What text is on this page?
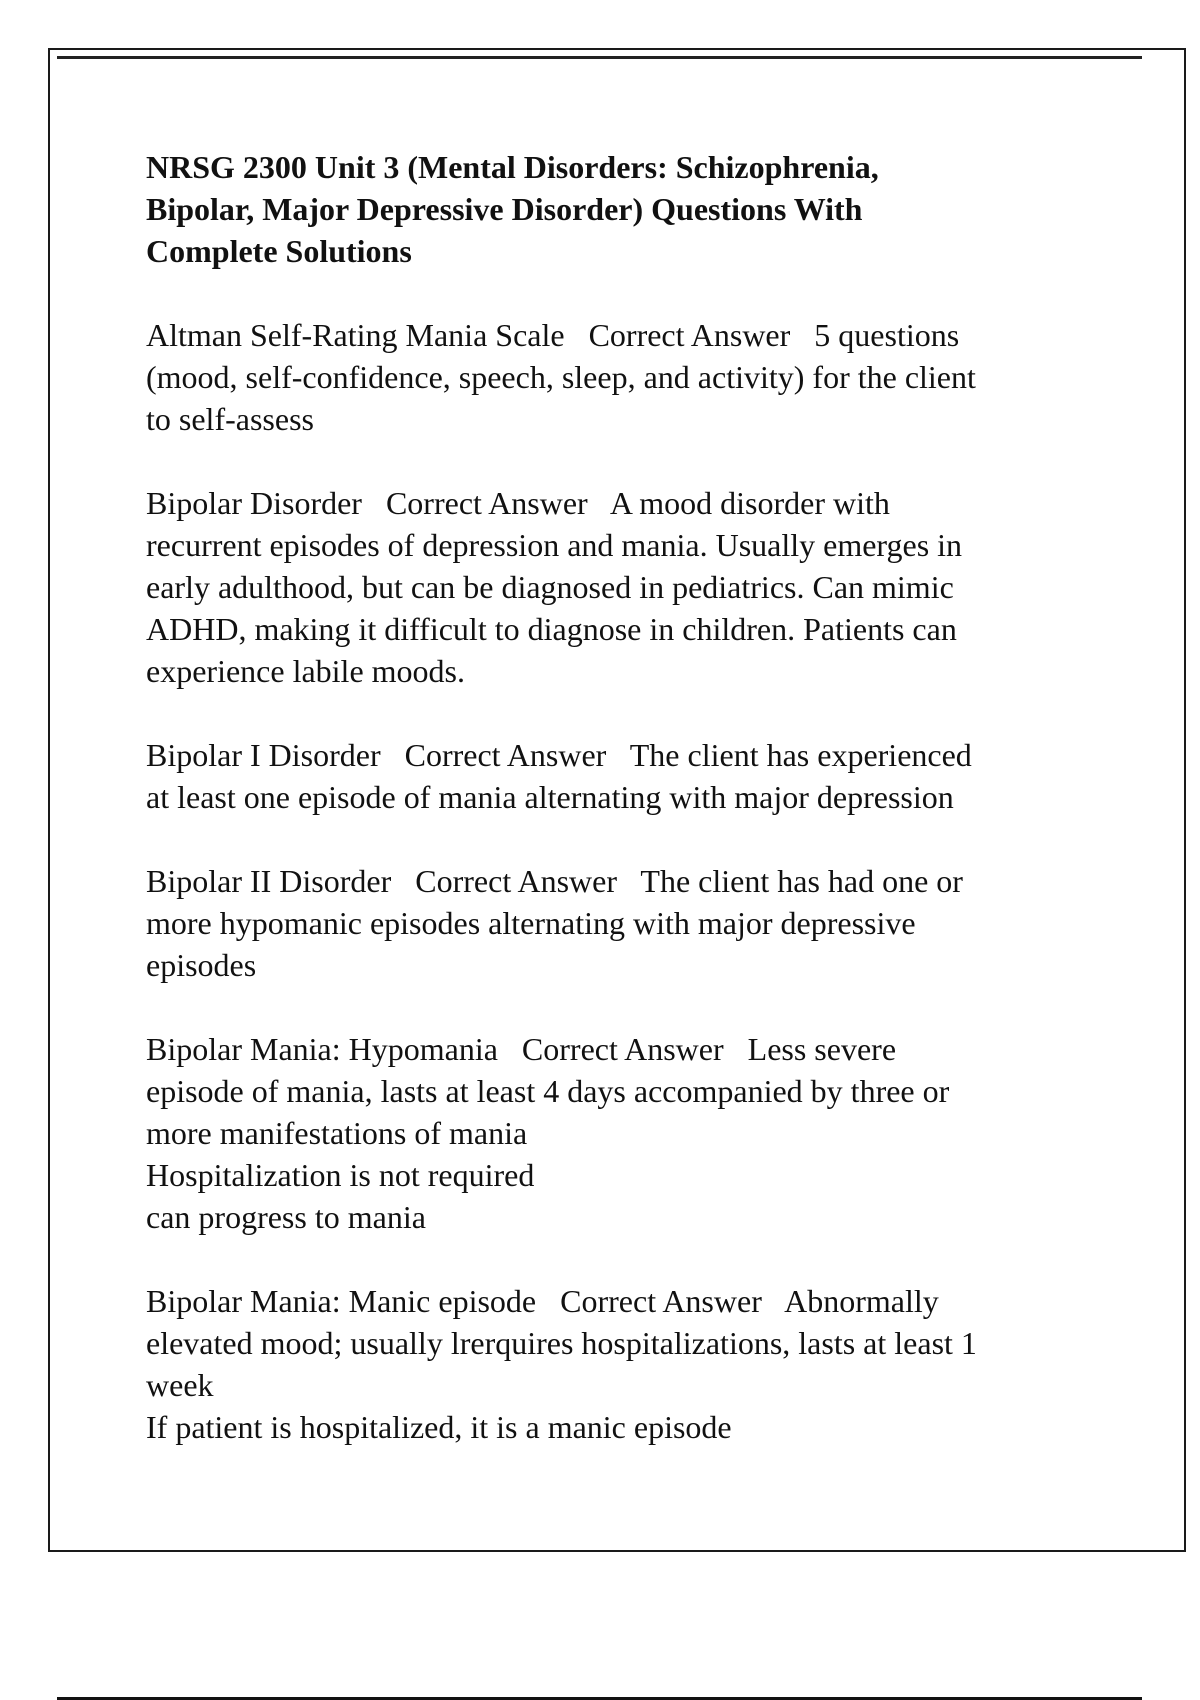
NRSG 2300 Unit 3 (Mental Disorders: Schizophrenia,
Bipolar, Major Depressive Disorder) Questions With
Complete Solutions
Altman Self-Rating Mania Scale   Correct Answer   5 questions
(mood, self-confidence, speech, sleep, and activity) for the client
to self-assess
Bipolar Disorder   Correct Answer   A mood disorder with
recurrent episodes of depression and mania. Usually emerges in
early adulthood, but can be diagnosed in pediatrics. Can mimic
ADHD, making it difficult to diagnose in children. Patients can
experience labile moods.
Bipolar I Disorder   Correct Answer   The client has experienced
at least one episode of mania alternating with major depression
Bipolar II Disorder   Correct Answer   The client has had one or
more hypomanic episodes alternating with major depressive
episodes
Bipolar Mania: Hypomania   Correct Answer   Less severe
episode of mania, lasts at least 4 days accompanied by three or
more manifestations of mania
Hospitalization is not required
can progress to mania
Bipolar Mania: Manic episode   Correct Answer   Abnormally
elevated mood; usually lrerquires hospitalizations, lasts at least 1
week
If patient is hospitalized, it is a manic episode
